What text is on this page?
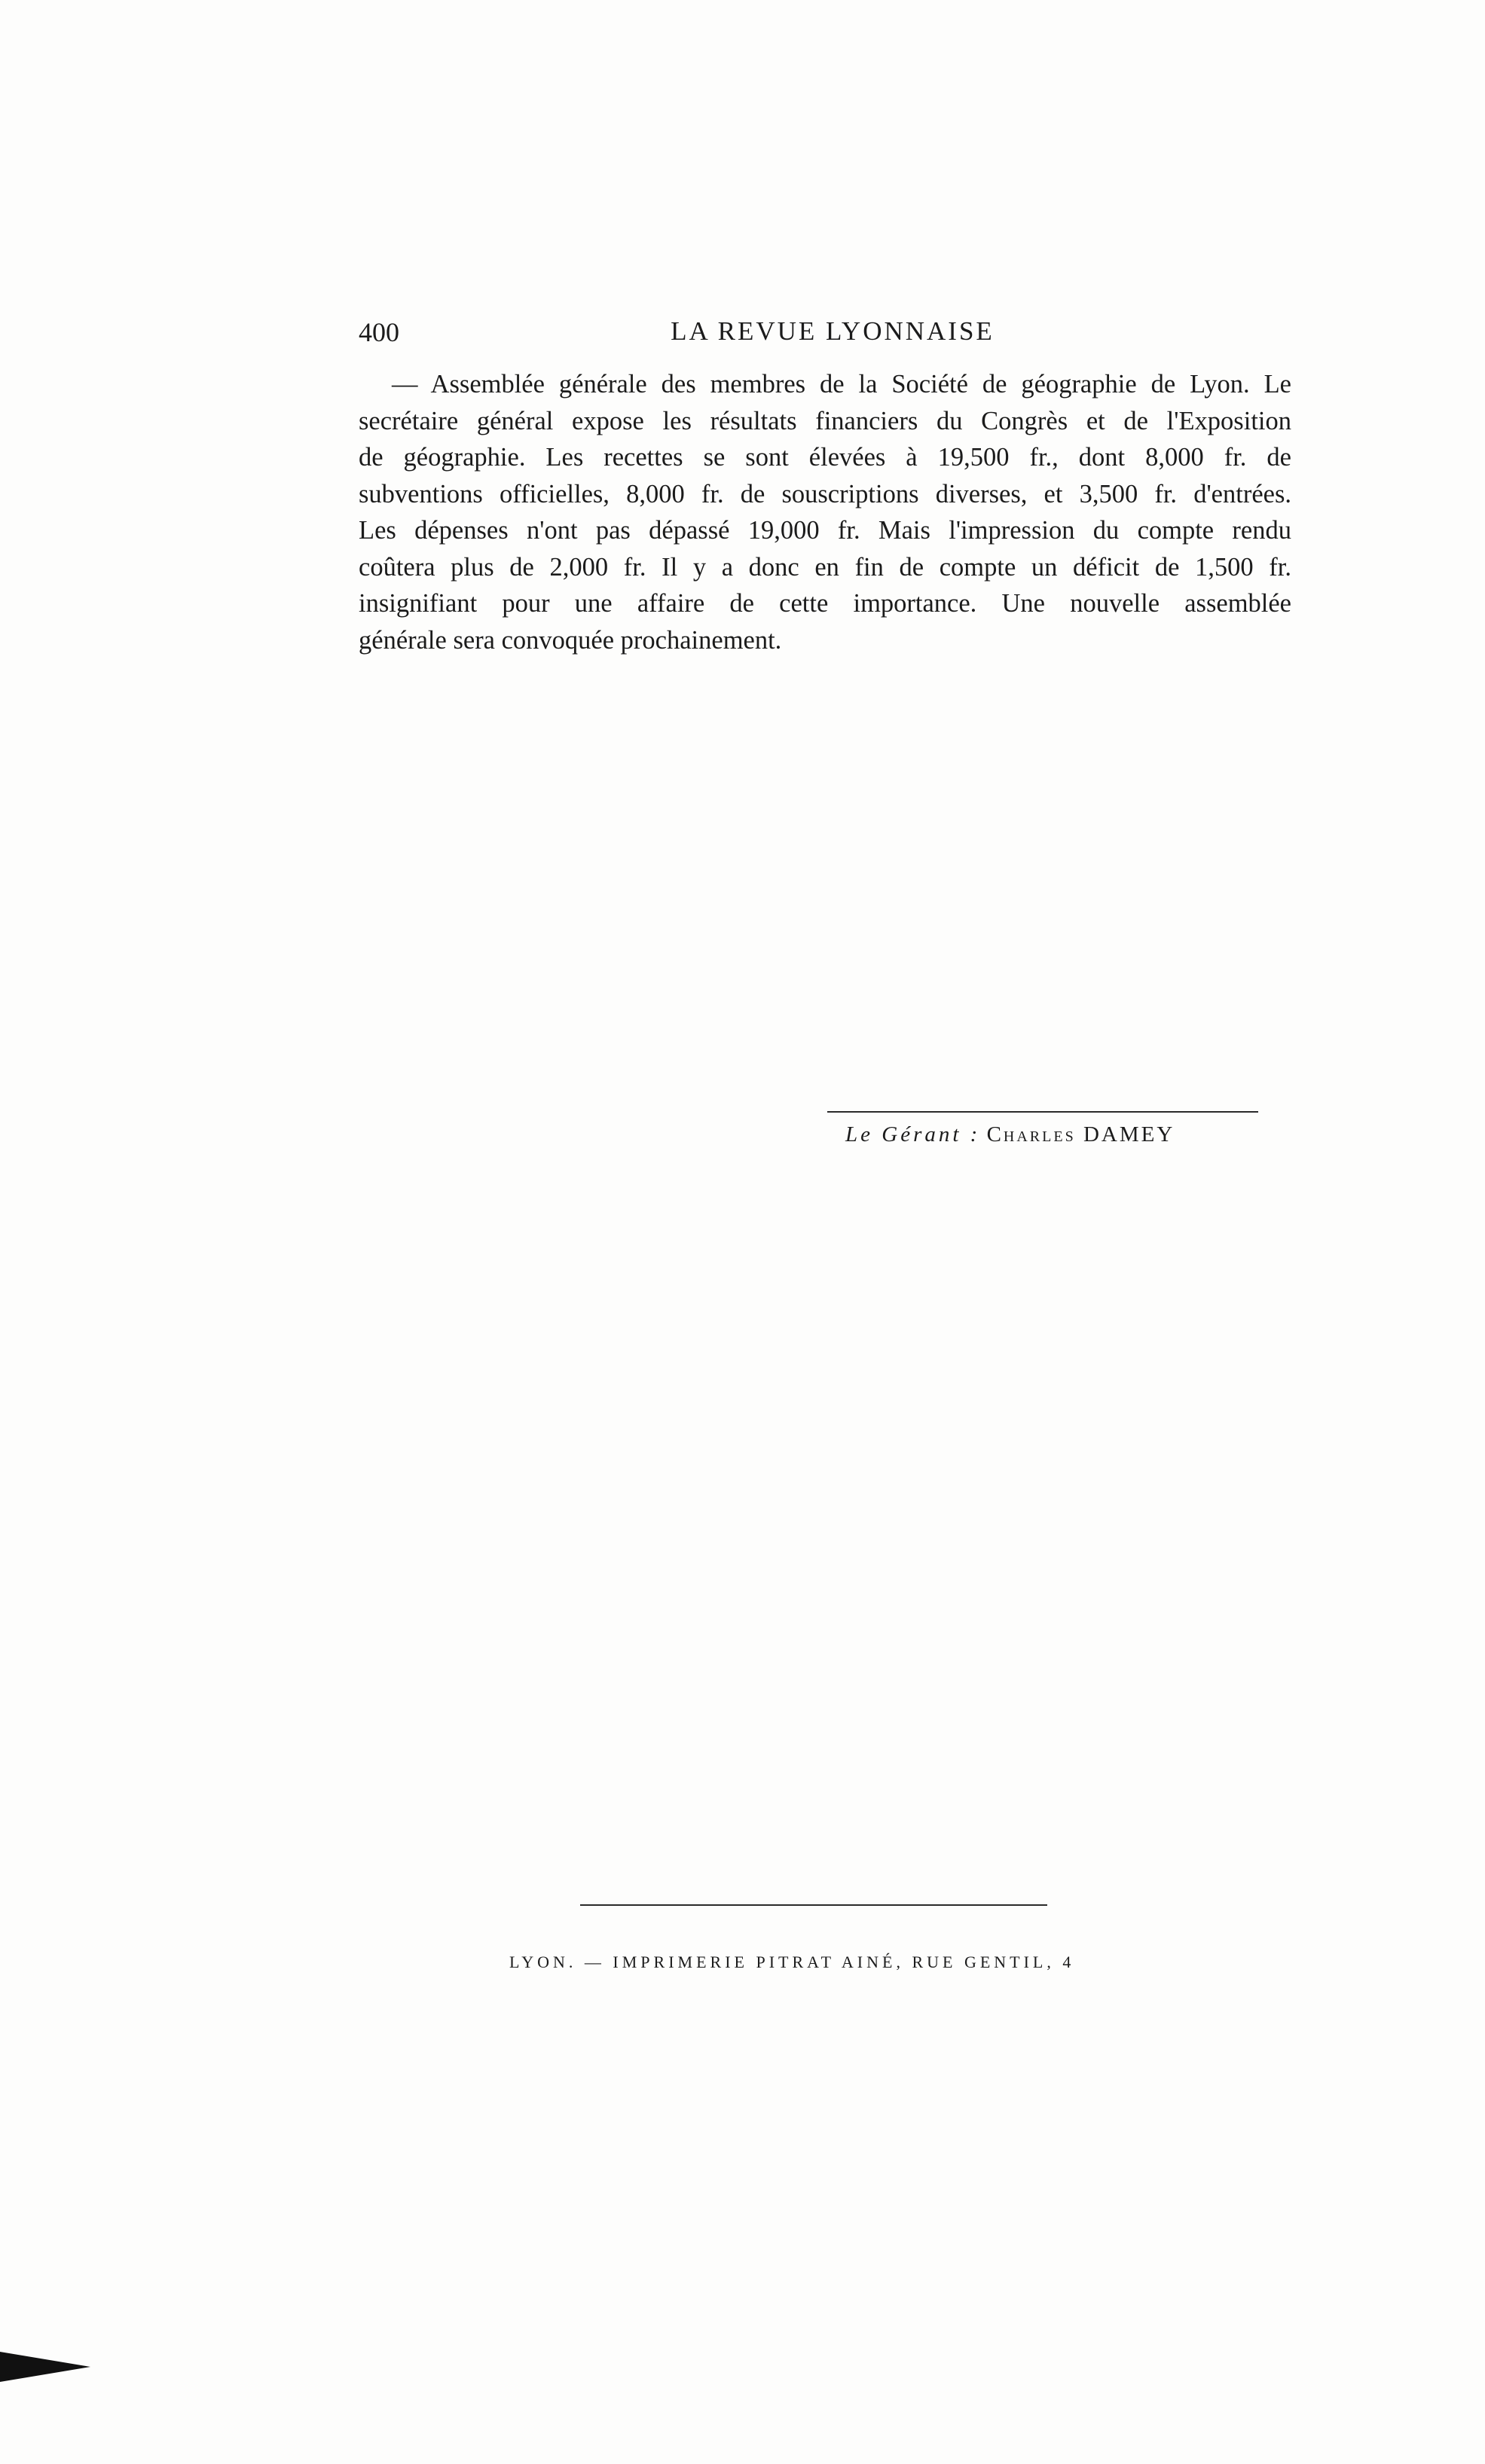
400	LA REVUE LYONNAISE

— Assemblée générale des membres de la Société de géographie de Lyon. Le
secrétaire général expose les résultats financiers du Congrès et de l'Exposition
de géographie. Les recettes se sont élevées à 19,500 fr., dont 8,000 fr. de
subventions officielles, 8,000 fr. de souscriptions diverses, et 3,500 fr. d'entrées.
Les dépenses n'ont pas dépassé 19,000 fr. Mais l'impression du compte rendu
coûtera plus de 2,000 fr. Il y a donc en fin de compte un déficit de 1,500 fr.
insignifiant pour une affaire de cette importance. Une nouvelle assemblée
générale sera convoquée prochainement.

Le Gérant : Charles DAMEY
LYON. — IMPRIMERIE PITRAT AINÉ, RUE GENTIL, 4
